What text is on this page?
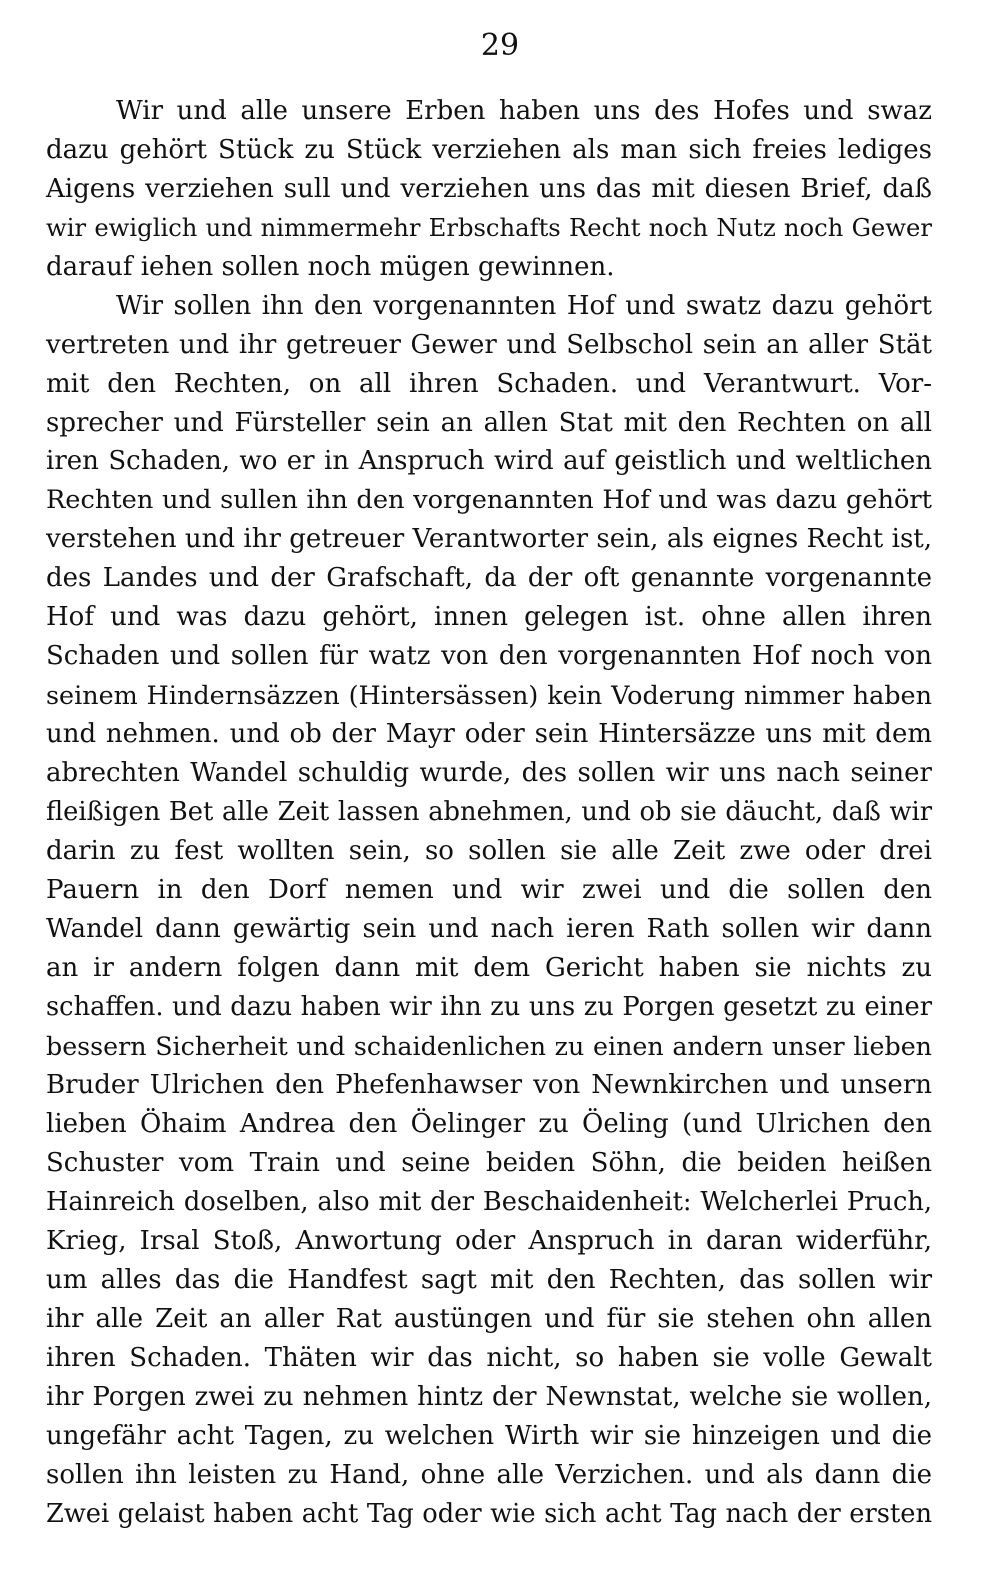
29
Wir und alle unsere Erben haben uns des Hofes und swaz
dazu gehört Stück zu Stück verziehen als man sich freies lediges
Aigens verziehen sull und verziehen uns das mit diesen Brief, daß
wir ewiglich und nimmermehr Erbschafts Recht noch Nutz noch Gewer
darauf iehen sollen noch mügen gewinnen.
Wir sollen ihn den vorgenannten Hof und swatz dazu gehört
vertreten und ihr getreuer Gewer und Selbschol sein an aller Stät
mit den Rechten, on all ihren Schaden. und Verantwurt. Vor-
sprecher und Fürsteller sein an allen Stat mit den Rechten on all
iren Schaden, wo er in Anspruch wird auf geistlich und weltlichen
Rechten und sullen ihn den vorgenannten Hof und was dazu gehört
verstehen und ihr getreuer Verantworter sein, als eignes Recht ist,
des Landes und der Grafschaft, da der oft genannte vorgenannte
Hof und was dazu gehört, innen gelegen ist. ohne allen ihren
Schaden und sollen für watz von den vorgenannten Hof noch von
seinem Hindernsäzzen (Hintersässen) kein Voderung nimmer haben
und nehmen. und ob der Mayr oder sein Hintersäzze uns mit dem
abrechten Wandel schuldig wurde, des sollen wir uns nach seiner
fleißigen Bet alle Zeit lassen abnehmen, und ob sie däucht, daß wir
darin zu fest wollten sein, so sollen sie alle Zeit zwe oder drei
Pauern in den Dorf nemen und wir zwei und die sollen den
Wandel dann gewärtig sein und nach ieren Rath sollen wir dann
an ir andern folgen dann mit dem Gericht haben sie nichts zu
schaffen. und dazu haben wir ihn zu uns zu Porgen gesetzt zu einer
bessern Sicherheit und schaidenlichen zu einen andern unser lieben
Bruder Ulrichen den Phefenhawser von Newnkirchen und unsern
lieben Öhaim Andrea den Öelinger zu Öeling (und Ulrichen den
Schuster vom Train und seine beiden Söhn, die beiden heißen
Hainreich doselben, also mit der Beschaidenheit: Welcherlei Pruch,
Krieg, Irsal Stoß, Anwortung oder Anspruch in daran widerführ,
um alles das die Handfest sagt mit den Rechten, das sollen wir
ihr alle Zeit an aller Rat austüngen und für sie stehen ohn allen
ihren Schaden. Thäten wir das nicht, so haben sie volle Gewalt
ihr Porgen zwei zu nehmen hintz der Newnstat, welche sie wollen,
ungefähr acht Tagen, zu welchen Wirth wir sie hinzeigen und die
sollen ihn leisten zu Hand, ohne alle Verzichen. und als dann die
Zwei gelaist haben acht Tag oder wie sich acht Tag nach der ersten
